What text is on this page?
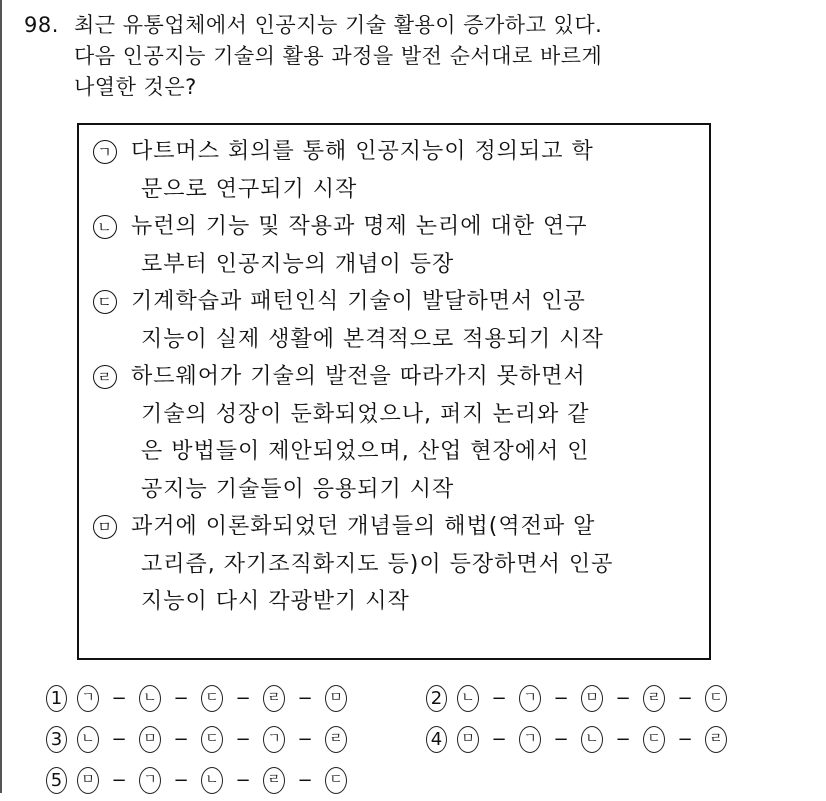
98. 최근 유통업체에서 인공지능 기술 활용이 증가하고 있다.
다음 인공지능 기술의 활용 과정을 발전 순서대로 바르게
나열한 것은?
ㄱ 다트머스 회의를 통해 인공지능이 정의되고 학
문으로 연구되기 시작
ㄴ 뉴런의 기능 및 작용과 명제 논리에 대한 연구
로부터 인공지능의 개념이 등장
ㄷ 기계학습과 패턴인식 기술이 발달하면서 인공
지능이 실제 생활에 본격적으로 적용되기 시작
ㄹ 하드웨어가 기술의 발전을 따라가지 못하면서
기술의 성장이 둔화되었으나, 퍼지 논리와 같
은 방법들이 제안되었으며, 산업 현장에서 인
공지능 기술들이 응용되기 시작
ㅁ 과거에 이론화되었던 개념들의 해법(역전파 알
고리즘, 자기조직화지도 등)이 등장하면서 인공
지능이 다시 각광받기 시작
1	ㄱ −	ㄴ −	ㄷ −	ㄹ −	ㅁ	2	ㄴ −	ㄱ −	ㅁ −	ㄹ −	ㄷ
3	ㄴ −	ㅁ −	ㄷ −	ㄱ −	ㄹ	4	ㅁ −	ㄱ −	ㄴ −	ㄷ −	ㄹ
5	ㅁ −	ㄱ −	ㄴ −	ㄹ −	ㄷ
